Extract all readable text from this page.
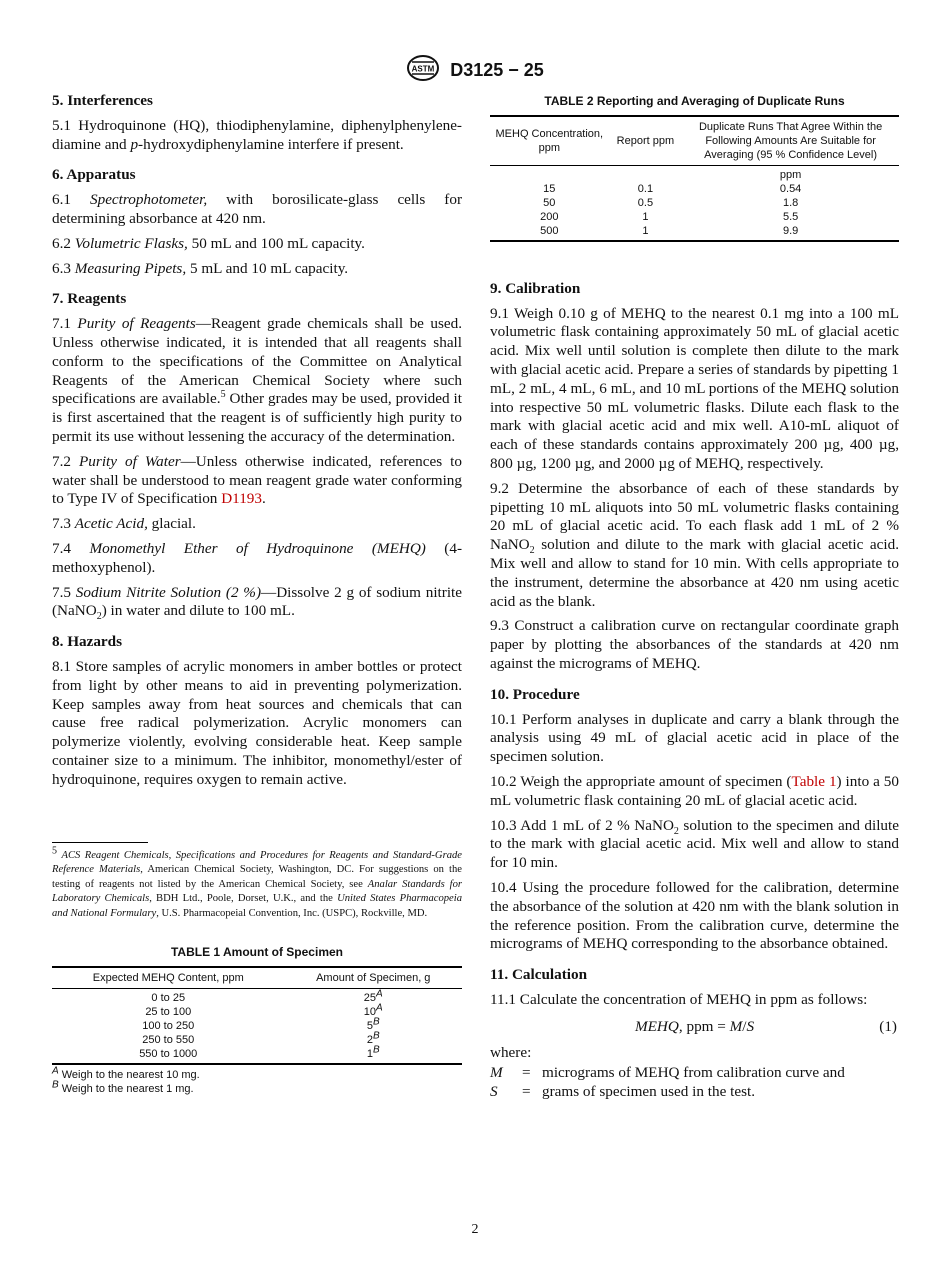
ASTM D3125 − 25
5. Interferences

5.1 Hydroquinone (HQ), thiodiphenylamine, diphenylphenylene-diamine and p-hydroxydiphenylamine interfere if present.

6. Apparatus

6.1 Spectrophotometer, with borosilicate-glass cells for determining absorbance at 420 nm.

6.2 Volumetric Flasks, 50 mL and 100 mL capacity.

6.3 Measuring Pipets, 5 mL and 10 mL capacity.

7. Reagents

7.1 Purity of Reagents—Reagent grade chemicals shall be used. Unless otherwise indicated, it is intended that all reagents shall conform to the specifications of the Committee on Analytical Reagents of the American Chemical Society where such specifications are available.$^5$ Other grades may be used, provided it is first ascertained that the reagent is of sufficiently high purity to permit its use without lessening the accuracy of the determination.

7.2 Purity of Water—Unless otherwise indicated, references to water shall be understood to mean reagent grade water conforming to Type IV of Specification D1193.

7.3 Acetic Acid, glacial.

7.4 Monomethyl Ether of Hydroquinone (MEHQ) (4-methoxyphenol).

7.5 Sodium Nitrite Solution (2 %)—Dissolve 2 g of sodium nitrite (NaNO$_2$) in water and dilute to 100 mL.

8. Hazards

8.1 Store samples of acrylic monomers in amber bottles or protect from light by other means to aid in preventing polymerization. Keep samples away from heat sources and chemicals that can cause free radical polymerization. Acrylic monomers can polymerize violently, evolving considerable heat. Keep sample container size to a minimum. The inhibitor, monomethyl/ester of hydroquinone, requires oxygen to remain active.

$^5$ ACS Reagent Chemicals, Specifications and Procedures for Reagents and Standard-Grade Reference Materials, American Chemical Society, Washington, DC. For suggestions on the testing of reagents not listed by the American Chemical Society, see Analar Standards for Laboratory Chemicals, BDH Ltd., Poole, Dorset, U.K., and the United States Pharmacopeia and National Formulary, U.S. Pharmacopeial Convention, Inc. (USPC), Rockville, MD.
TABLE 1 Amount of Specimen
Expected MEHQ Content, ppm	Amount of Specimen, g
0 to 25	$25^A$
25 to 100	$10^A$
100 to 250	$5^B$
250 to 550	$2^B$
550 to 1000	$1^B$
$^A$ Weigh to the nearest 10 mg.
$^B$ Weigh to the nearest 1 mg.
TABLE 2 Reporting and Averaging of Duplicate Runs
MEHQ Concentration, ppm	Report ppm	Duplicate Runs That Agree Within the Following Amounts Are Suitable for Averaging (95 % Confidence Level)
		ppm
15	0.1	0.54
50	0.5	1.8
200	1	5.5
500	1	9.9
9. Calibration

9.1 Weigh 0.10 g of MEHQ to the nearest 0.1 mg into a 100 mL volumetric flask containing approximately 50 mL of glacial acetic acid. Mix well until solution is complete then dilute to the mark with glacial acetic acid. Prepare a series of standards by pipetting 1 mL, 2 mL, 4 mL, 6 mL, and 10 mL portions of the MEHQ solution into respective 50 mL volumetric flasks. Dilute each flask to the mark with glacial acetic acid and mix well. A10-mL aliquot of each of these standards contains approximately 200 µg, 400 µg, 800 µg, 1200 µg, and 2000 µg of MEHQ, respectively.

9.2 Determine the absorbance of each of these standards by pipetting 10 mL aliquots into 50 mL volumetric flasks containing 20 mL of glacial acetic acid. To each flask add 1 mL of 2 % NaNO$_2$ solution and dilute to the mark with glacial acetic acid. Mix well and allow to stand for 10 min. With cells appropriate to the instrument, determine the absorbance at 420 nm using acetic acid as the blank.

9.3 Construct a calibration curve on rectangular coordinate graph paper by plotting the absorbances of the standards at 420 nm against the micrograms of MEHQ.

10. Procedure

10.1 Perform analyses in duplicate and carry a blank through the analysis using 49 mL of glacial acetic acid in place of the specimen solution.

10.2 Weigh the appropriate amount of specimen (Table 1) into a 50 mL volumetric flask containing 20 mL of glacial acetic acid.

10.3 Add 1 mL of 2 % NaNO$_2$ solution to the specimen and dilute to the mark with glacial acetic acid. Mix well and allow to stand for 10 min.

10.4 Using the procedure followed for the calibration, determine the absorbance of the solution at 420 nm with the blank solution in the reference position. From the calibration curve, determine the micrograms of MEHQ corresponding to the absorbance obtained.

11. Calculation

11.1 Calculate the concentration of MEHQ in ppm as follows:

MEHQ, ppm = M/S	(1)

where:

M	= micrograms of MEHQ from calibration curve and
S	= grams of specimen used in the test.
2
